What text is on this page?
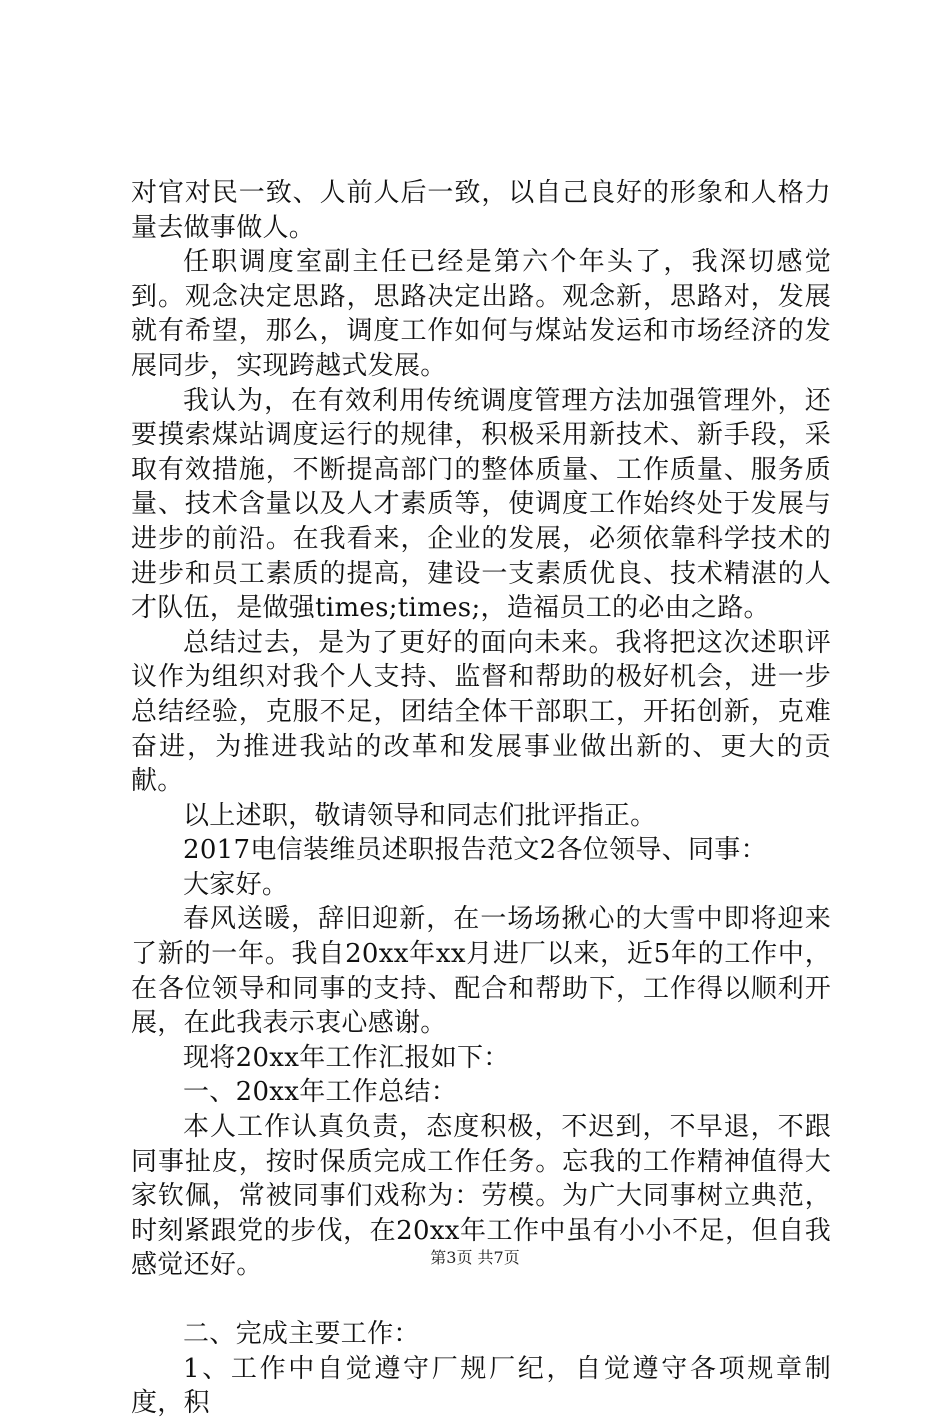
对官对民一致、人前人后一致，以自己良好的形象和人格力量去做事做人。

任职调度室副主任已经是第六个年头了，我深切感觉到。观念决定思路，思路决定出路。观念新，思路对，发展就有希望，那么，调度工作如何与煤站发运和市场经济的发展同步，实现跨越式发展。

我认为，在有效利用传统调度管理方法加强管理外，还要摸索煤站调度运行的规律，积极采用新技术、新手段，采取有效措施，不断提高部门的整体质量、工作质量、服务质量、技术含量以及人才素质等，使调度工作始终处于发展与进步的前沿。在我看来，企业的发展，必须依靠科学技术的进步和员工素质的提高，建设一支素质优良、技术精湛的人才队伍，是做强times;times;，造福员工的必由之路。

总结过去，是为了更好的面向未来。我将把这次述职评议作为组织对我个人支持、监督和帮助的极好机会，进一步总结经验，克服不足，团结全体干部职工，开拓创新，克难奋进，为推进我站的改革和发展事业做出新的、更大的贡献。

以上述职，敬请领导和同志们批评指正。

2017电信装维员述职报告范文2各位领导、同事：

大家好。

春风送暖，辞旧迎新，在一场场揪心的大雪中即将迎来了新的一年。我自20xx年xx月进厂以来，近5年的工作中，在各位领导和同事的支持、配合和帮助下，工作得以顺利开展，在此我表示衷心感谢。

现将20xx年工作汇报如下：

一、20xx年工作总结：

本人工作认真负责，态度积极，不迟到，不早退，不跟同事扯皮，按时保质完成工作任务。忘我的工作精神值得大家钦佩，常被同事们戏称为：劳模。为广大同事树立典范，时刻紧跟党的步伐，在20xx年工作中虽有小小不足，但自我感觉还好。

二、完成主要工作：

1、工作中自觉遵守厂规厂纪，自觉遵守各项规章制度，积

第3页 共7页
